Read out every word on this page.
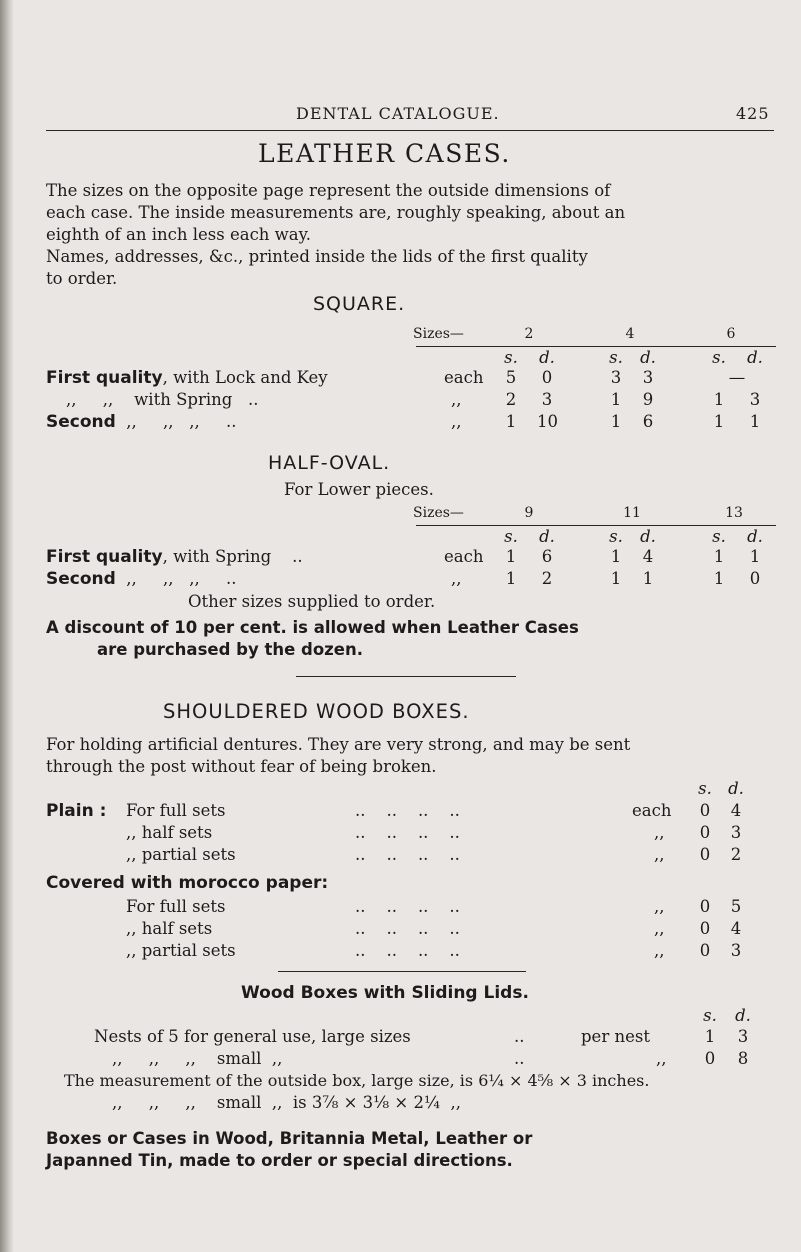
DENTAL CATALOGUE.	425
LEATHER CASES.
The sizes on the opposite page represent the outside dimensions of
each case. The inside measurements are, roughly speaking, about an
eighth of an inch less each way.
Names, addresses, &c., printed inside the lids of the first quality
to order.
SQUARE.
Sizes—	2	4	6
s. d.	s. d.	s. d.
First quality, with Lock and Key	each 5 0	3 3	—
,,     ,,    with Spring   ..	,,	2 3	1 9	1 3
Second  ,,     ,,   ,,     ..	,,	1 10	1 6	1 1
HALF-OVAL.
For Lower pieces.
Sizes—	9	11	13
s. d.	s. d.	s. d.
First quality, with Spring    ..	each 1 6	1 4	1 1
Second  ,,     ,,   ,,     ..	,,	1 2	1 1	1 0
Other sizes supplied to order.
A discount of 10 per cent. is allowed when Leather Cases
are purchased by the dozen.
SHOULDERED WOOD BOXES.
For holding artificial dentures. They are very strong, and may be sent
through the post without fear of being broken.
s. d.
Plain : For full sets	..    ..    ..    ..	each 0 4
,, half sets	..    ..    ..    ..	,, 0 3
,, partial sets	..    ..    ..    ..	,, 0 2
Covered with morocco paper:
For full sets	..    ..    ..    ..	,, 0 5
,, half sets	..    ..    ..    ..	,, 0 4
,, partial sets	..    ..    ..    ..	,, 0 3
Wood Boxes with Sliding Lids.
s. d.
Nests of 5 for general use, large sizes	..	per nest	1 3
,,     ,,     ,,    small  ,,	..	,, 0 8
The measurement of the outside box, large size, is 6¼ × 4⅝ × 3 inches.
,,     ,,     ,,    small  ,,  is 3⅞ × 3⅛ × 2¼  ,,
Boxes or Cases in Wood, Britannia Metal, Leather or
Japanned Tin, made to order or special directions.
